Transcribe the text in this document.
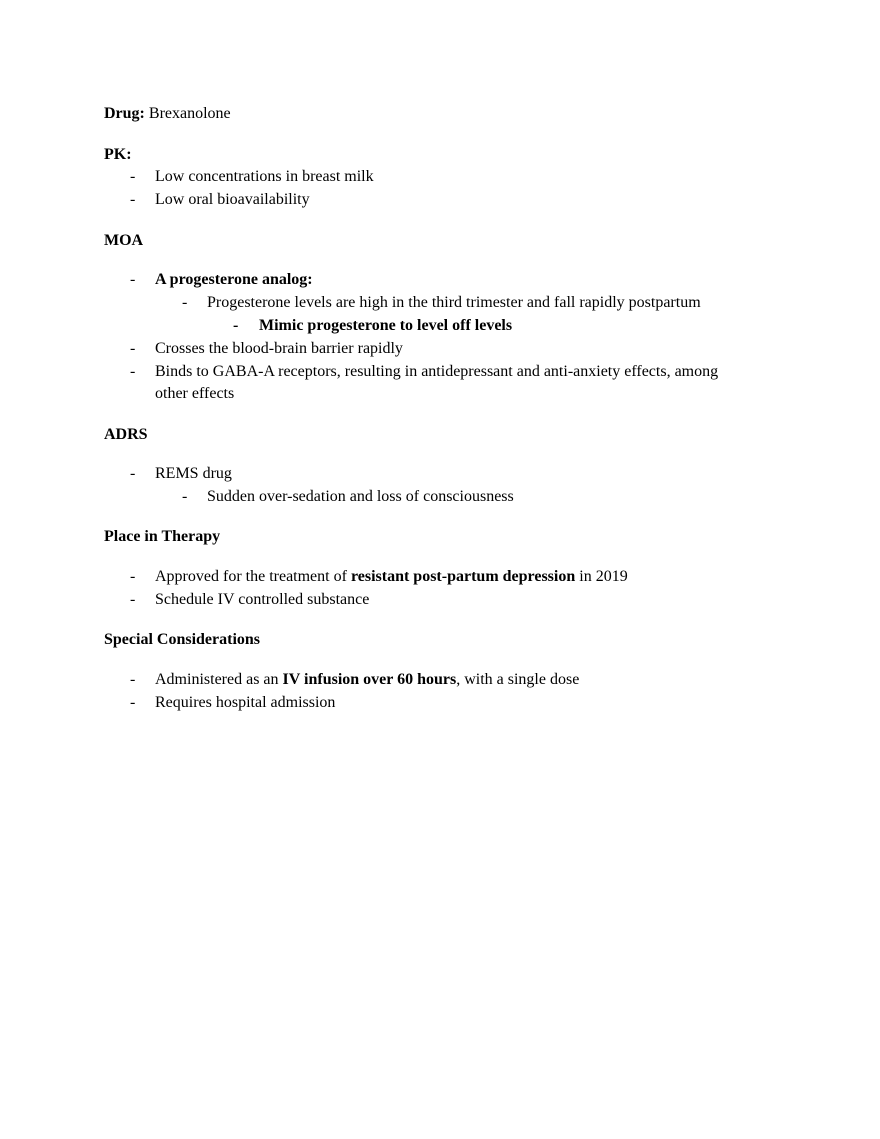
Drug: Brexanolone
PK:
- Low concentrations in breast milk
- Low oral bioavailability
MOA
- A progesterone analog:
- Progesterone levels are high in the third trimester and fall rapidly postpartum
- Mimic progesterone to level off levels
- Crosses the blood-brain barrier rapidly
- Binds to GABA-A receptors, resulting in antidepressant and anti-anxiety effects, among
other effects
ADRS
- REMS drug
- Sudden over-sedation and loss of consciousness
Place in Therapy
- Approved for the treatment of resistant post-partum depression in 2019
- Schedule IV controlled substance
Special Considerations
- Administered as an IV infusion over 60 hours, with a single dose
- Requires hospital admission
